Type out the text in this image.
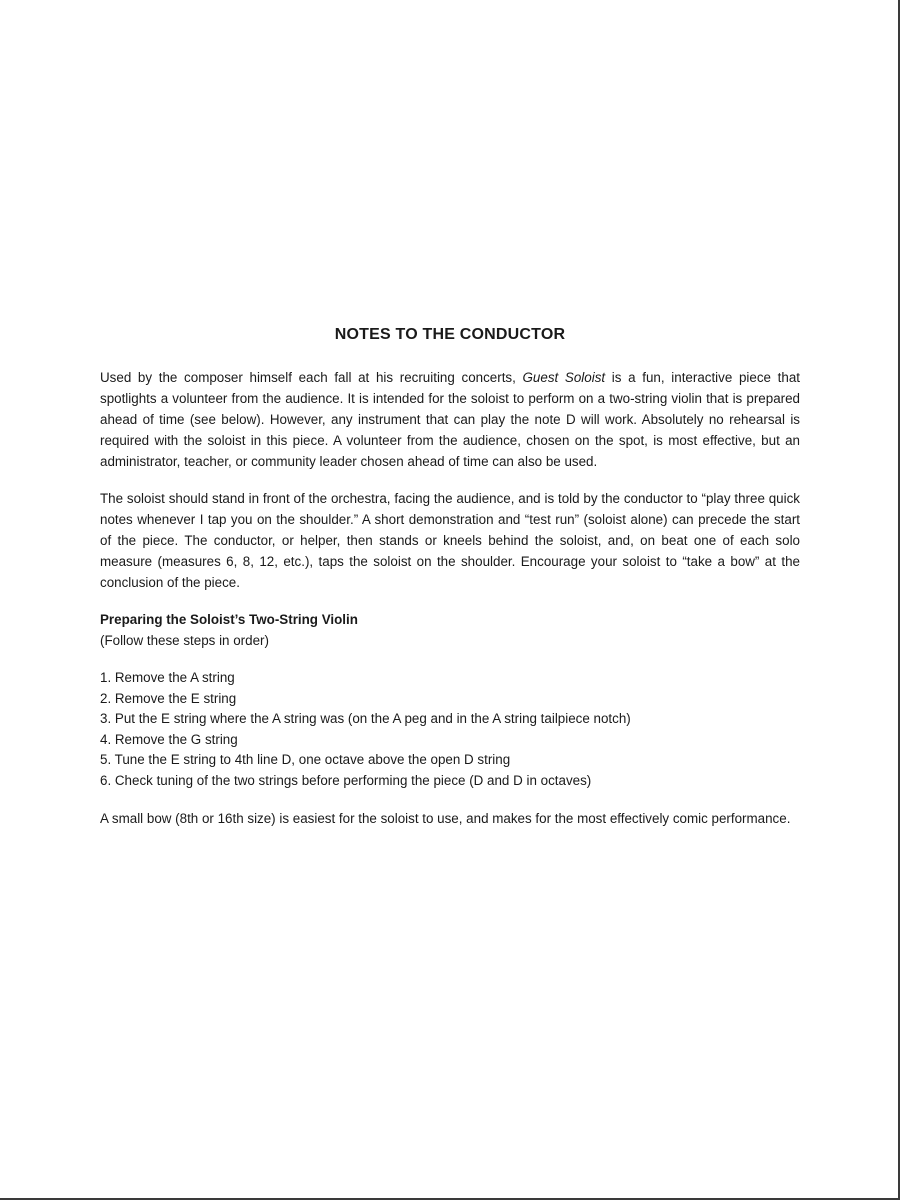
NOTES TO THE CONDUCTOR

Used by the composer himself each fall at his recruiting concerts, Guest Soloist is a fun, interactive piece that spotlights a volunteer from the audience. It is intended for the soloist to perform on a two-string violin that is prepared ahead of time (see below). However, any instrument that can play the note D will work. Absolutely no rehearsal is required with the soloist in this piece. A volunteer from the audience, chosen on the spot, is most effective, but an administrator, teacher, or community leader chosen ahead of time can also be used.

The soloist should stand in front of the orchestra, facing the audience, and is told by the conductor to “play three quick notes whenever I tap you on the shoulder.” A short demonstration and “test run” (soloist alone) can precede the start of the piece. The conductor, or helper, then stands or kneels behind the soloist, and, on beat one of each solo measure (measures 6, 8, 12, etc.), taps the soloist on the shoulder. Encourage your soloist to “take a bow” at the conclusion of the piece.

Preparing the Soloist’s Two-String Violin

(Follow these steps in order)

1. Remove the A string
2. Remove the E string
3. Put the E string where the A string was (on the A peg and in the A string tailpiece notch)
4. Remove the G string
5. Tune the E string to 4th line D, one octave above the open D string
6. Check tuning of the two strings before performing the piece (D and D in octaves)

A small bow (8th or 16th size) is easiest for the soloist to use, and makes for the most effectively comic performance.
